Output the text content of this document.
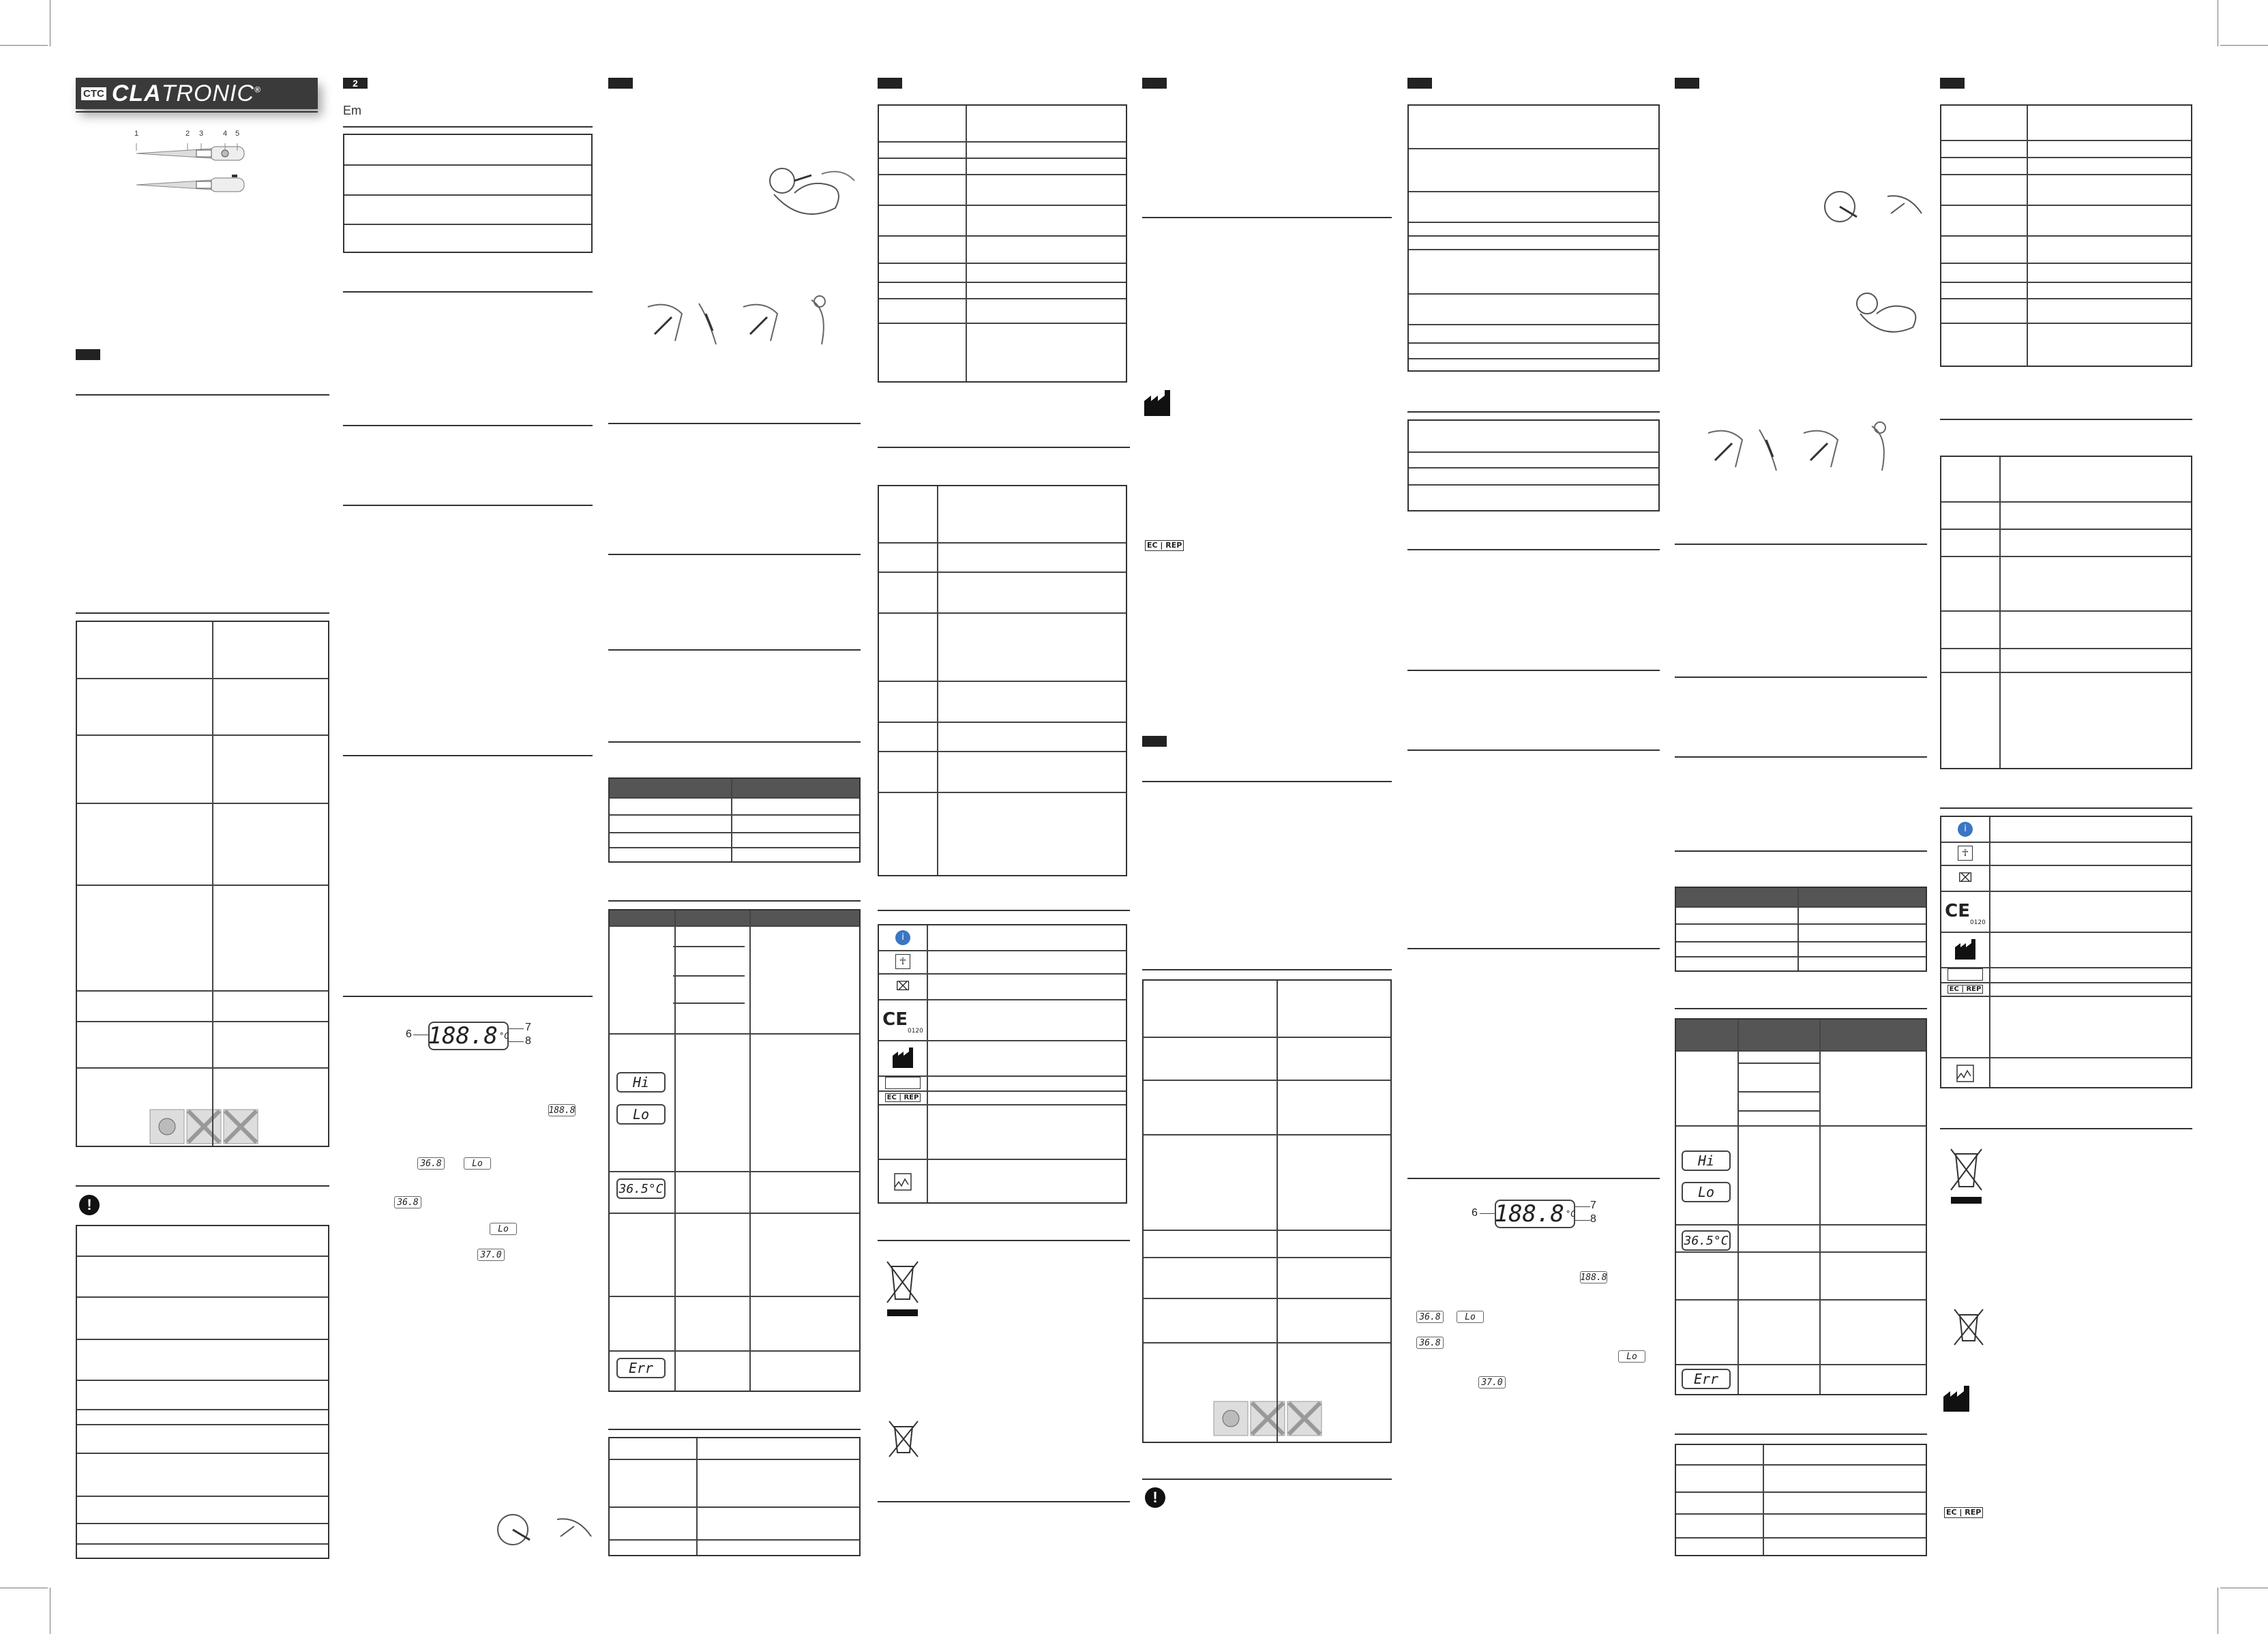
CTC CLATRONIC®
1	2 3	4 5
2
Em
188.8 °C
6
7
8
188.8 °C
6
7
8
188.8
36.8	Lo
36.8
Lo
37.0
188.8
36.8	Lo
36.8
Lo
37.0
!
!
EC | REP
EC | REP
i
☥
⌧
CE
0120
EC | REP
i
☥
⌧
CE
0120
EC | REP
Hi
Lo
36.5°C
Err
Hi
Lo
36.5°C
Err
